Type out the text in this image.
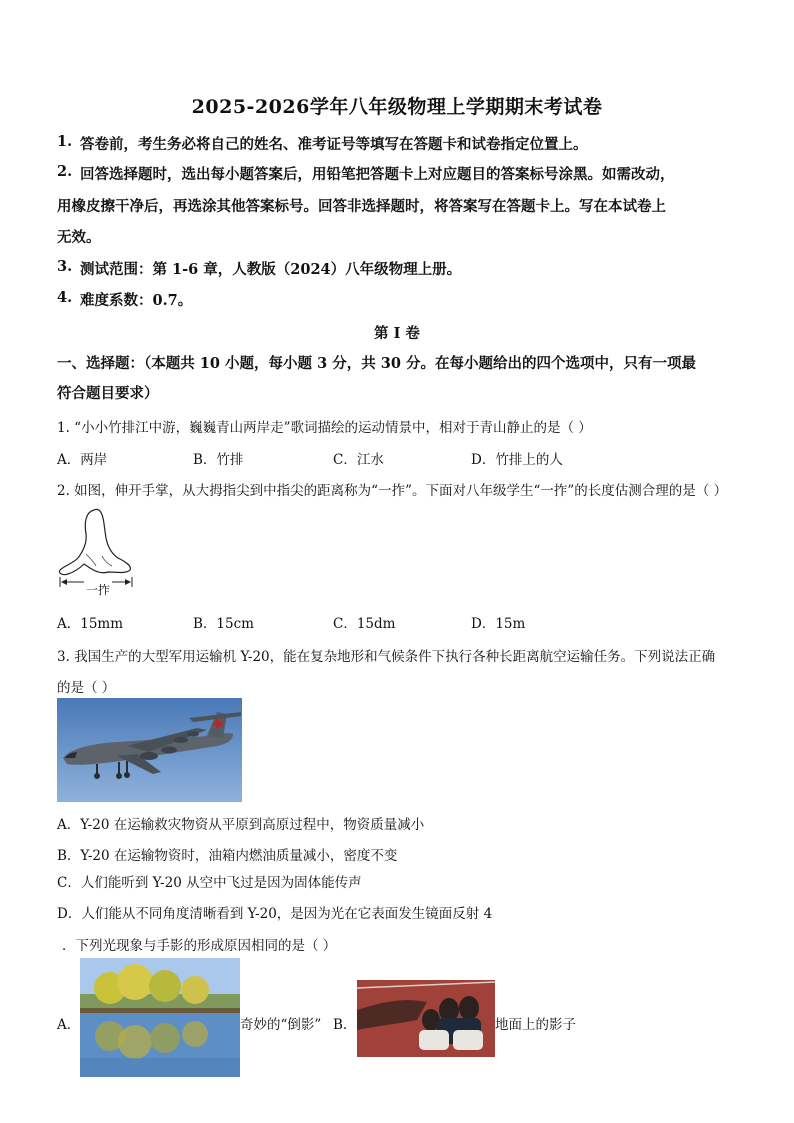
2025-2026学年八年级物理上学期期末考试卷
1. 答卷前，考生务必将自己的姓名、准考证号等填写在答题卡和试卷指定位置上。
2. 回答选择题时，选出每小题答案后，用铅笔把答题卡上对应题目的答案标号涂黑。如需改动，
用橡皮擦干净后，再选涂其他答案标号。回答非选择题时，将答案写在答题卡上。写在本试卷上
无效。
3. 测试范围：第 1-6 章，人教版（2024）八年级物理上册。
4. 难度系数：0.7。
第 I 卷
一、选择题：（本题共 10 小题，每小题 3 分，共 30 分。在每小题给出的四个选项中，只有一项最
符合题目要求）
1. “小小竹排江中游，巍巍青山两岸走”歌词描绘的运动情景中，相对于青山静止的是（ ）
A．两岸	B．竹排	C．江水	D．竹排上的人
2. 如图，伸开手掌，从大拇指尖到中指尖的距离称为“一拃”。下面对八年级学生“一拃”的长度估测合理的是（ ）
一拃
A．15mm	B．15cm	C．15dm	D．15m
3. 我国生产的大型军用运输机 Y-20，能在复杂地形和气候条件下执行各种长距离航空运输任务。下列说法正确
的是（ ）
A．Y-20 在运输救灾物资从平原到高原过程中，物资质量减小
B．Y-20 在运输物资时，油箱内燃油质量减小，密度不变
C．人们能听到 Y-20 从空中飞过是因为固体能传声
D．人们能从不同角度清晰看到 Y-20，是因为光在它表面发生镜面反射 4
．下列光现象与手影的形成原因相同的是（ ）
A．	奇妙的“倒影” B．	地面上的影子
